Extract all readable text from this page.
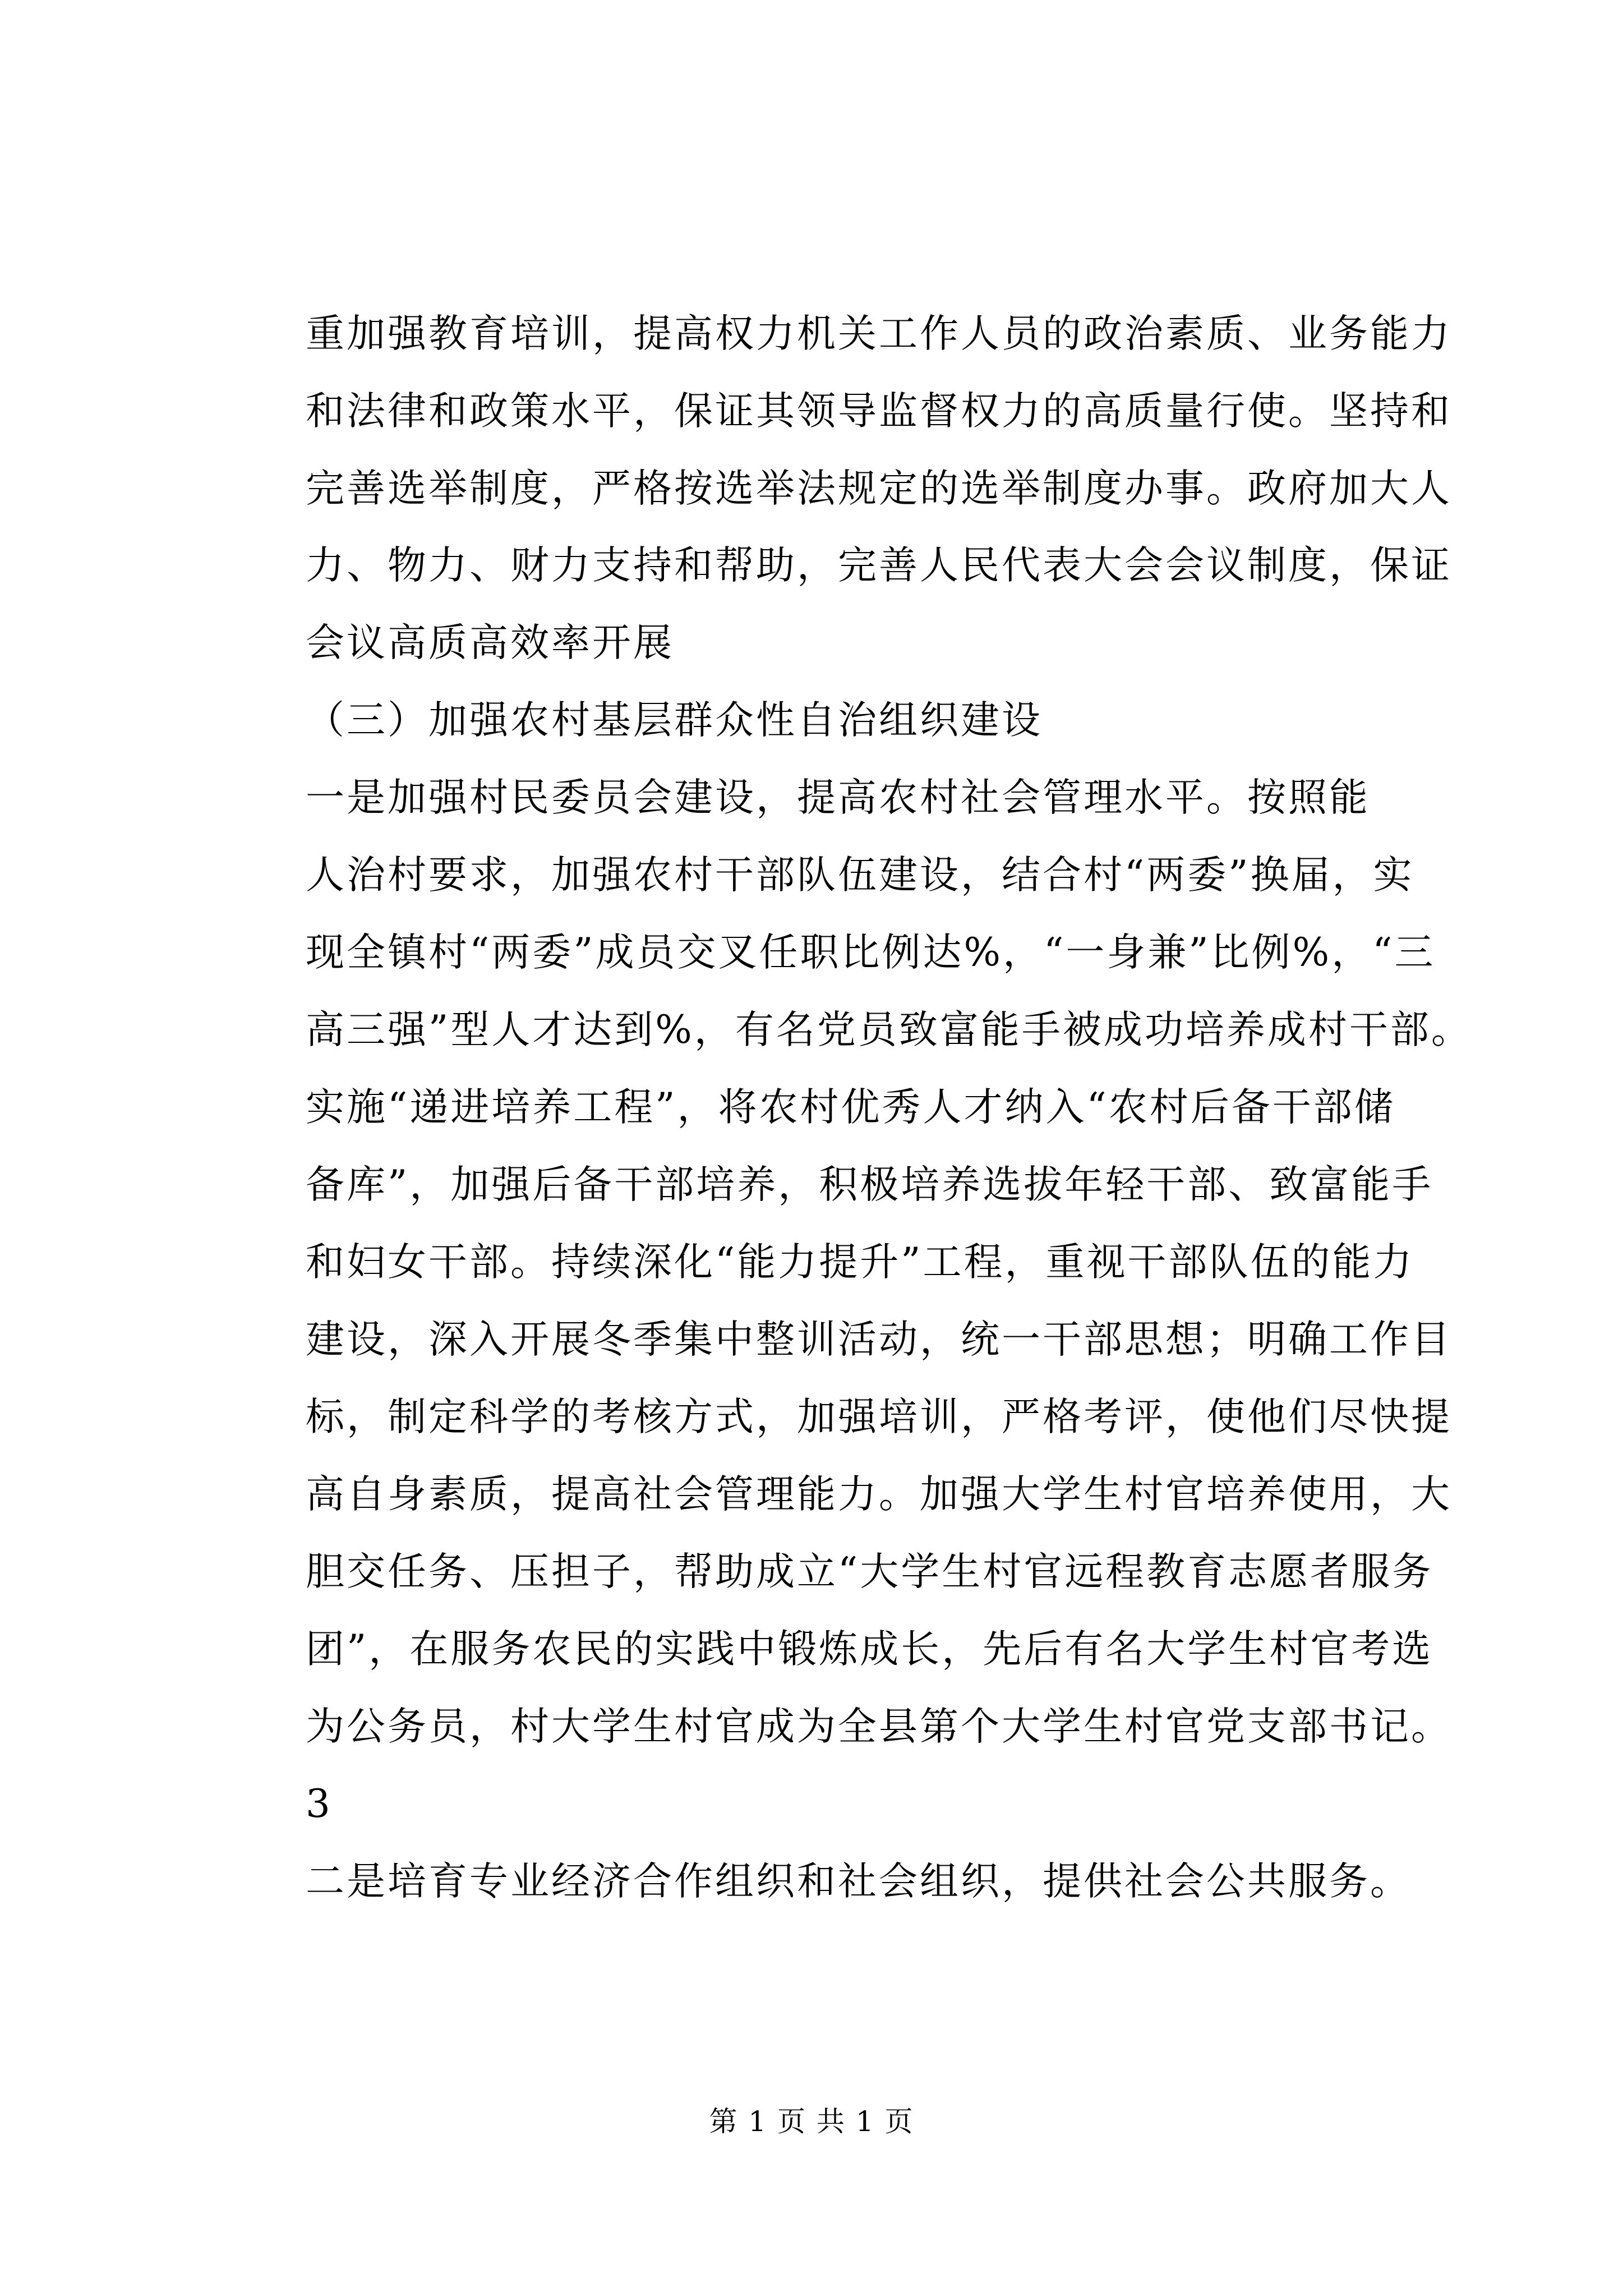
重加强教育培训，提高权力机关工作人员的政治素质、业务能力
和法律和政策水平，保证其领导监督权力的高质量行使。坚持和
完善选举制度，严格按选举法规定的选举制度办事。政府加大人
力、物力、财力支持和帮助，完善人民代表大会会议制度，保证
会议高质高效率开展
（三）加强农村基层群众性自治组织建设
一是加强村民委员会建设，提高农村社会管理水平。按照能
人治村要求，加强农村干部队伍建设，结合村“两委”换届，实
现全镇村“两委”成员交叉任职比例达%，“一身兼”比例%，“三
高三强”型人才达到%，有名党员致富能手被成功培养成村干部。
实施“递进培养工程”，将农村优秀人才纳入“农村后备干部储
备库”，加强后备干部培养，积极培养选拔年轻干部、致富能手
和妇女干部。持续深化“能力提升”工程，重视干部队伍的能力
建设，深入开展冬季集中整训活动，统一干部思想；明确工作目
标，制定科学的考核方式，加强培训，严格考评，使他们尽快提
高自身素质，提高社会管理能力。加强大学生村官培养使用，大
胆交任务、压担子，帮助成立“大学生村官远程教育志愿者服务
团”，在服务农民的实践中锻炼成长，先后有名大学生村官考选
为公务员，村大学生村官成为全县第个大学生村官党支部书记。
3
二是培育专业经济合作组织和社会组织，提供社会公共服务。
第 1 页 共 1 页
